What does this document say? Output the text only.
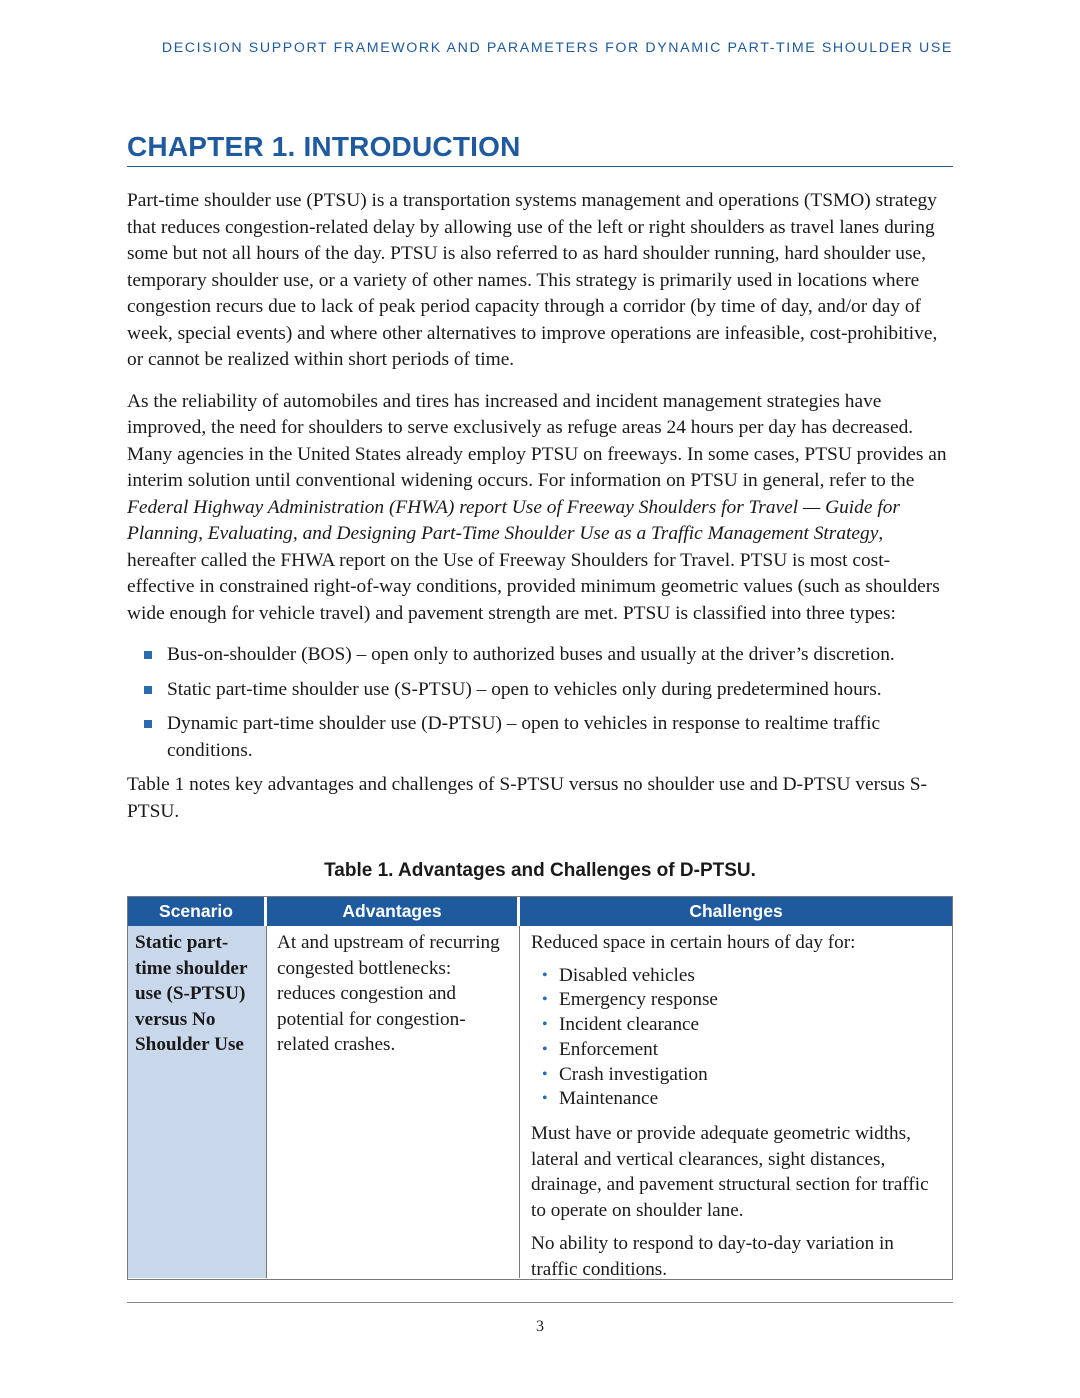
DECISION SUPPORT FRAMEWORK AND PARAMETERS FOR DYNAMIC PART-TIME SHOULDER USE
CHAPTER 1. INTRODUCTION

Part-time shoulder use (PTSU) is a transportation systems management and operations (TSMO) strategy that reduces congestion-related delay by allowing use of the left or right shoulders as travel lanes during some but not all hours of the day. PTSU is also referred to as hard shoulder running, hard shoulder use, temporary shoulder use, or a variety of other names. This strategy is primarily used in locations where congestion recurs due to lack of peak period capacity through a corridor (by time of day, and/or day of week, special events) and where other alternatives to improve operations are infeasible, cost-prohibitive, or cannot be realized within short periods of time.

As the reliability of automobiles and tires has increased and incident management strategies have improved, the need for shoulders to serve exclusively as refuge areas 24 hours per day has decreased. Many agencies in the United States already employ PTSU on freeways. In some cases, PTSU provides an interim solution until conventional widening occurs. For information on PTSU in general, refer to the Federal Highway Administration (FHWA) report Use of Freeway Shoulders for Travel — Guide for Planning, Evaluating, and Designing Part-Time Shoulder Use as a Traffic Management Strategy, hereafter called the FHWA report on the Use of Freeway Shoulders for Travel. PTSU is most cost-effective in constrained right-of-way conditions, provided minimum geometric values (such as shoulders wide enough for vehicle travel) and pavement strength are met. PTSU is classified into three types:

Bus-on-shoulder (BOS) – open only to authorized buses and usually at the driver’s discretion.
Static part-time shoulder use (S-PTSU) – open to vehicles only during predetermined hours.
Dynamic part-time shoulder use (D-PTSU) – open to vehicles in response to realtime traffic conditions.

Table 1 notes key advantages and challenges of S-PTSU versus no shoulder use and D-PTSU versus S-PTSU.

Table 1. Advantages and Challenges of D-PTSU.
Scenario	Advantages	Challenges
Static part-time shoulder use (S-PTSU) versus No Shoulder Use
At and upstream of recurring congested bottlenecks: reduces congestion and potential for congestion-related crashes.

Reduced space in certain hours of day for:

• Disabled vehicles
• Emergency response
• Incident clearance
• Enforcement
• Crash investigation
• Maintenance

Must have or provide adequate geometric widths, lateral and vertical clearances, sight distances, drainage, and pavement structural section for traffic to operate on shoulder lane.

No ability to respond to day-to-day variation in traffic conditions.

3
